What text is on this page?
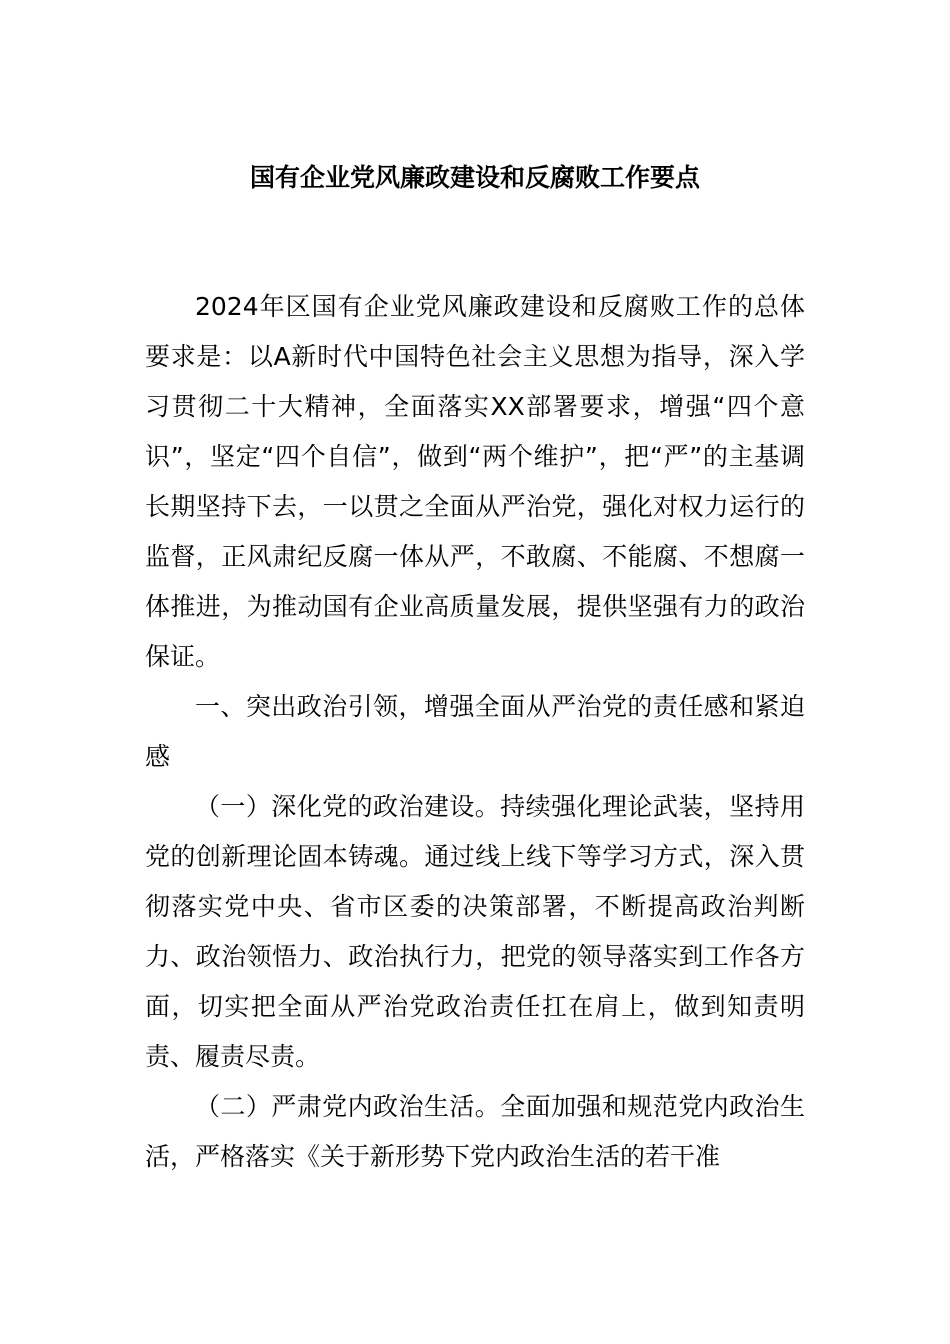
国有企业党风廉政建设和反腐败工作要点

2024年区国有企业党风廉政建设和反腐败工作的总体要求是：以A新时代中国特色社会主义思想为指导，深入学习贯彻二十大精神，全面落实XX部署要求，增强“四个意识”，坚定“四个自信”，做到“两个维护”，把“严”的主基调长期坚持下去，一以贯之全面从严治党，强化对权力运行的监督，正风肃纪反腐一体从严，不敢腐、不能腐、不想腐一体推进，为推动国有企业高质量发展，提供坚强有力的政治保证。

一、突出政治引领，增强全面从严治党的责任感和紧迫感

（一）深化党的政治建设。持续强化理论武装，坚持用党的创新理论固本铸魂。通过线上线下等学习方式，深入贯彻落实党中央、省市区委的决策部署，不断提高政治判断力、政治领悟力、政治执行力，把党的领导落实到工作各方面，切实把全面从严治党政治责任扛在肩上，做到知责明责、履责尽责。

（二）严肃党内政治生活。全面加强和规范党内政治生活，严格落实《关于新形势下党内政治生活的若干准
